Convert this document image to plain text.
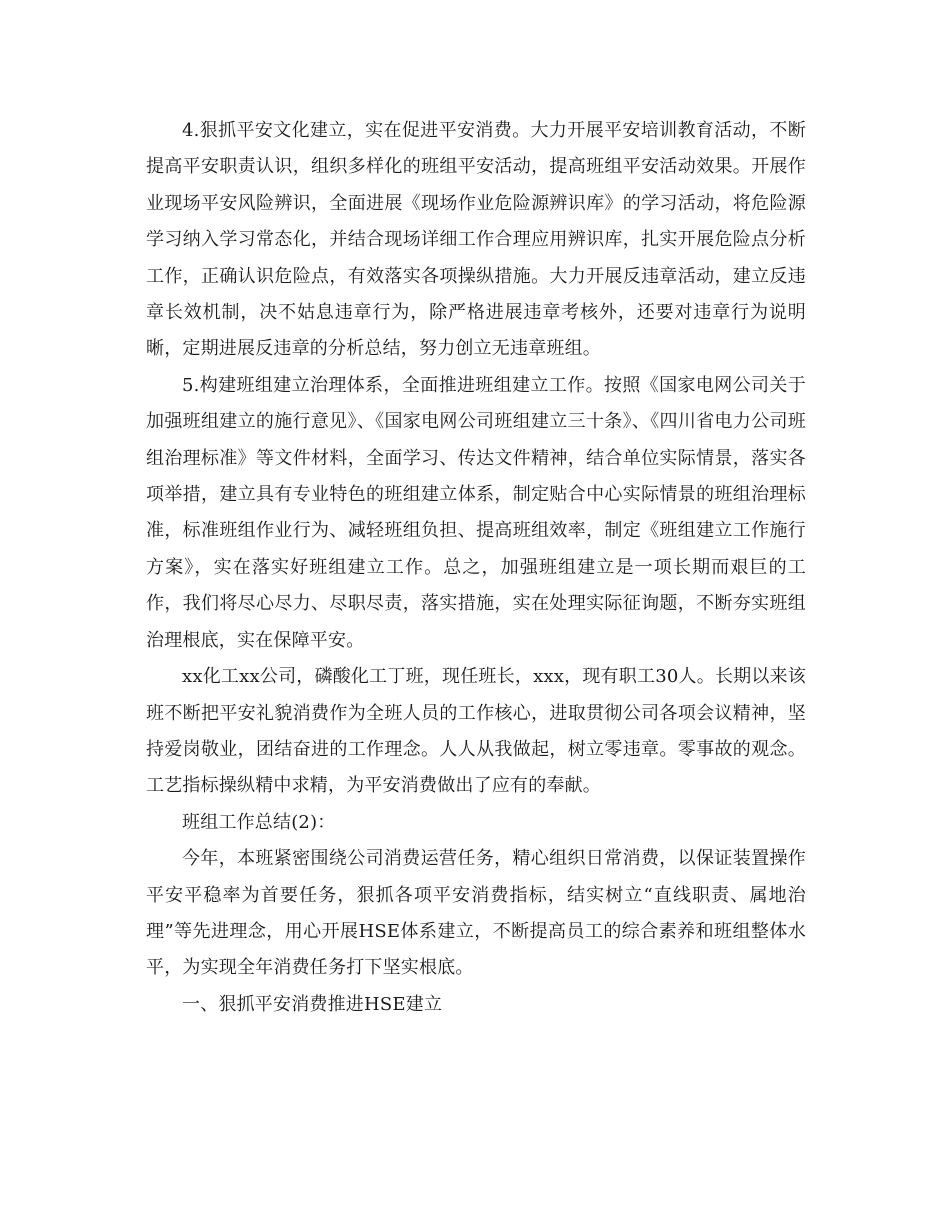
4.狠抓平安文化建立，实在促进平安消费。大力开展平安培训教育活动，不断提高平安职责认识，组织多样化的班组平安活动，提高班组平安活动效果。开展作业现场平安风险辨识，全面进展《现场作业危险源辨识库》的学习活动，将危险源学习纳入学习常态化，并结合现场详细工作合理应用辨识库，扎实开展危险点分析工作，正确认识危险点，有效落实各项操纵措施。大力开展反违章活动，建立反违章长效机制，决不姑息违章行为，除严格进展违章考核外，还要对违章行为说明晰，定期进展反违章的分析总结，努力创立无违章班组。

5.构建班组建立治理体系，全面推进班组建立工作。按照《国家电网公司关于加强班组建立的施行意见》、《国家电网公司班组建立三十条》、《四川省电力公司班组治理标准》等文件材料，全面学习、传达文件精神，结合单位实际情景，落实各项举措，建立具有专业特色的班组建立体系，制定贴合中心实际情景的班组治理标准，标准班组作业行为、减轻班组负担、提高班组效率，制定《班组建立工作施行方案》，实在落实好班组建立工作。总之，加强班组建立是一项长期而艰巨的工作，我们将尽心尽力、尽职尽责，落实措施，实在处理实际征询题，不断夯实班组治理根底，实在保障平安。

xx化工xx公司，磷酸化工丁班，现任班长，xxx，现有职工30人。长期以来该班不断把平安礼貌消费作为全班人员的工作核心，进取贯彻公司各项会议精神，坚持爱岗敬业，团结奋进的工作理念。人人从我做起，树立零违章。零事故的观念。工艺指标操纵精中求精，为平安消费做出了应有的奉献。

班组工作总结(2)：

今年，本班紧密围绕公司消费运营任务，精心组织日常消费，以保证装置操作平安平稳率为首要任务，狠抓各项平安消费指标，结实树立“直线职责、属地治理”等先进理念，用心开展HSE体系建立，不断提高员工的综合素养和班组整体水平，为实现全年消费任务打下坚实根底。

一、狠抓平安消费推进HSE建立
